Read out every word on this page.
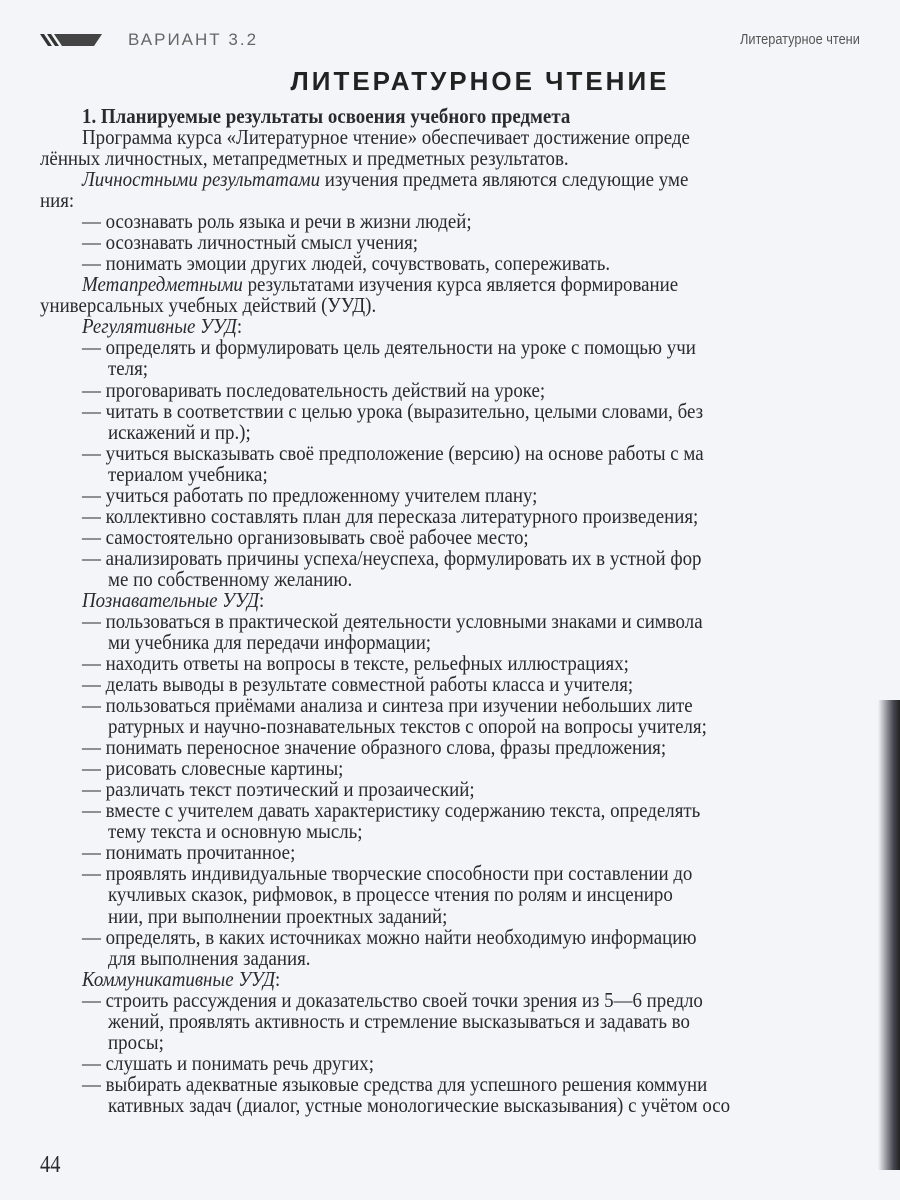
ВАРИАНТ 3.2	Литературное чтени
ЛИТЕРАТУРНОЕ ЧТЕНИЕ
1. Планируемые результаты освоения учебного предмета
Программа курса «Литературное чтение» обеспечивает достижение опреде
лённых личностных, метапредметных и предметных результатов.
Личностными результатами изучения предмета являются следующие уме
ния:
— осознавать роль языка и речи в жизни людей;
— осознавать личностный смысл учения;
— понимать эмоции других людей, сочувствовать, сопереживать.
Метапредметными результатами изучения курса является формирование
универсальных учебных действий (УУД).
Регулятивные УУД:
— определять и формулировать цель деятельности на уроке с помощью учи
теля;
— проговаривать последовательность действий на уроке;
— читать в соответствии с целью урока (выразительно, целыми словами, без
искажений и пр.);
— учиться высказывать своё предположение (версию) на основе работы с ма
териалом учебника;
— учиться работать по предложенному учителем плану;
— коллективно составлять план для пересказа литературного произведения;
— самостоятельно организовывать своё рабочее место;
— анализировать причины успеха/неуспеха, формулировать их в устной фор
ме по собственному желанию.
Познавательные УУД:
— пользоваться в практической деятельности условными знаками и символа
ми учебника для передачи информации;
— находить ответы на вопросы в тексте, рельефных иллюстрациях;
— делать выводы в результате совместной работы класса и учителя;
— пользоваться приёмами анализа и синтеза при изучении небольших лите
ратурных и научно-познавательных текстов с опорой на вопросы учителя;
— понимать переносное значение образного слова, фразы предложения;
— рисовать словесные картины;
— различать текст поэтический и прозаический;
— вместе с учителем давать характеристику содержанию текста, определять
тему текста и основную мысль;
— понимать прочитанное;
— проявлять индивидуальные творческие способности при составлении до
кучливых сказок, рифмовок, в процессе чтения по ролям и инсцениро
нии, при выполнении проектных заданий;
— определять, в каких источниках можно найти необходимую информацию
для выполнения задания.
Коммуникативные УУД:
— строить рассуждения и доказательство своей точки зрения из 5—6 предло
жений, проявлять активность и стремление высказываться и задавать во
просы;
— слушать и понимать речь других;
— выбирать адекватные языковые средства для успешного решения коммуни
кативных задач (диалог, устные монологические высказывания) с учётом осо
44
